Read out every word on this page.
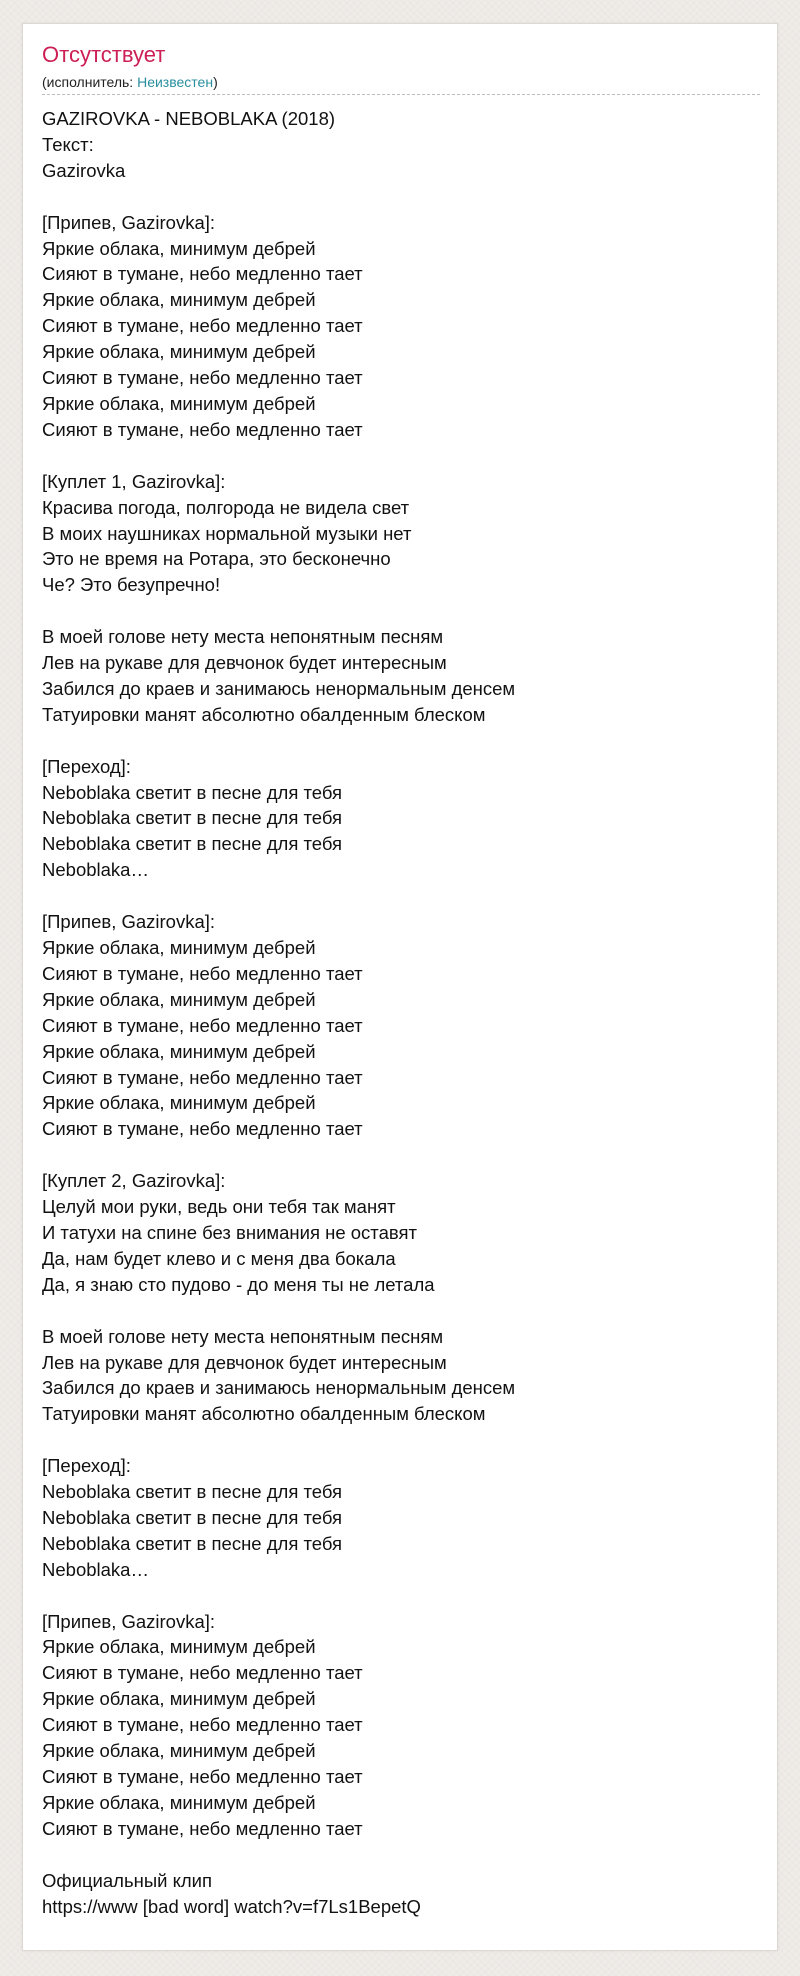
Отсутствует
(исполнитель: Неизвестен)
GAZIROVKA - NEBOBLAKA (2018)
Текст:
Gazirovka

[Припев, Gazirovka]:
Яркие облака, минимум дебрей
Сияют в тумане, небо медленно тает
Яркие облака, минимум дебрей
Сияют в тумане, небо медленно тает
Яркие облака, минимум дебрей
Сияют в тумане, небо медленно тает
Яркие облака, минимум дебрей
Сияют в тумане, небо медленно тает

[Куплет 1, Gazirovka]:
Красива погода, полгорода не видела свет
В моих наушниках нормальной музыки нет
Это не время на Ротара, это бесконечно
Че? Это безупречно!

В моей голове нету места непонятным песням
Лев на рукаве для девчонок будет интересным
Забился до краев и занимаюсь ненормальным денсем
Татуировки манят абсолютно обалденным блеском

[Переход]:
Neboblaka светит в песне для тебя
Neboblaka светит в песне для тебя
Neboblaka светит в песне для тебя
Neboblaka…

[Припев, Gazirovka]:
Яркие облака, минимум дебрей
Сияют в тумане, небо медленно тает
Яркие облака, минимум дебрей
Сияют в тумане, небо медленно тает
Яркие облака, минимум дебрей
Сияют в тумане, небо медленно тает
Яркие облака, минимум дебрей
Сияют в тумане, небо медленно тает

[Куплет 2, Gazirovka]:
Целуй мои руки, ведь они тебя так манят
И татухи на спине без внимания не оставят
Да, нам будет клево и с меня два бокала
Да, я знаю сто пудово - до меня ты не летала

В моей голове нету места непонятным песням
Лев на рукаве для девчонок будет интересным
Забился до краев и занимаюсь ненормальным денсем
Татуировки манят абсолютно обалденным блеском

[Переход]:
Neboblaka светит в песне для тебя
Neboblaka светит в песне для тебя
Neboblaka светит в песне для тебя
Neboblaka…

[Припев, Gazirovka]:
Яркие облака, минимум дебрей
Сияют в тумане, небо медленно тает
Яркие облака, минимум дебрей
Сияют в тумане, небо медленно тает
Яркие облака, минимум дебрей
Сияют в тумане, небо медленно тает
Яркие облака, минимум дебрей
Сияют в тумане, небо медленно тает

Официальный клип
https://www [bad word] watch?v=f7Ls1BepetQ
